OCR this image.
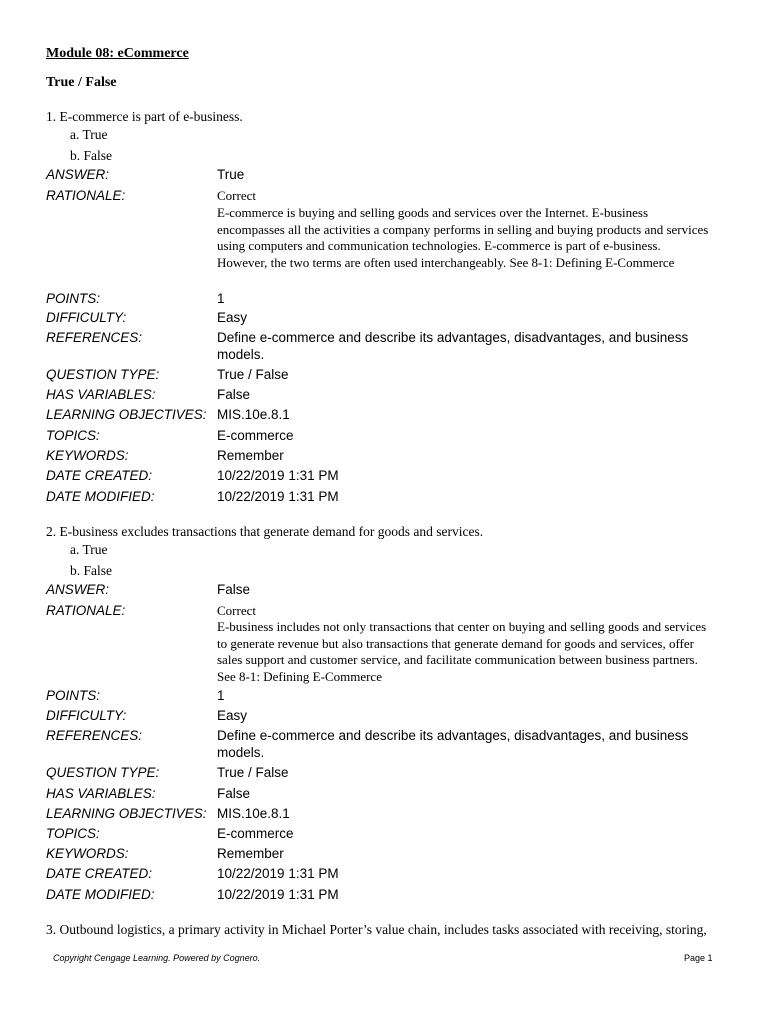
Module 08: eCommerce
True / False
1. E-commerce is part of e-business.
a. True
b. False
ANSWER:	True
RATIONALE:	Correct
E-commerce is buying and selling goods and services over the Internet. E-business encompasses all the activities a company performs in selling and buying products and services using computers and communication technologies. E-commerce is part of e-business. However, the two terms are often used interchangeably. See 8-1: Defining E-Commerce
POINTS:	1
DIFFICULTY:	Easy
REFERENCES:	Define e-commerce and describe its advantages, disadvantages, and business models.
QUESTION TYPE:	True / False
HAS VARIABLES:	False
LEARNING OBJECTIVES: MIS.10e.8.1
TOPICS:	E-commerce
KEYWORDS:	Remember
DATE CREATED:	10/22/2019 1:31 PM
DATE MODIFIED:	10/22/2019 1:31 PM
2. E-business excludes transactions that generate demand for goods and services.
a. True
b. False
ANSWER:	False
RATIONALE:	Correct
E-business includes not only transactions that center on buying and selling goods and services to generate revenue but also transactions that generate demand for goods and services, offer sales support and customer service, and facilitate communication between business partners. See 8-1: Defining E-Commerce
POINTS:	1
DIFFICULTY:	Easy
REFERENCES:	Define e-commerce and describe its advantages, disadvantages, and business models.
QUESTION TYPE:	True / False
HAS VARIABLES:	False
LEARNING OBJECTIVES: MIS.10e.8.1
TOPICS:	E-commerce
KEYWORDS:	Remember
DATE CREATED:	10/22/2019 1:31 PM
DATE MODIFIED:	10/22/2019 1:31 PM
3. Outbound logistics, a primary activity in Michael Porter’s value chain, includes tasks associated with receiving, storing,
Copyright Cengage Learning. Powered by Cognero.	Page 1
